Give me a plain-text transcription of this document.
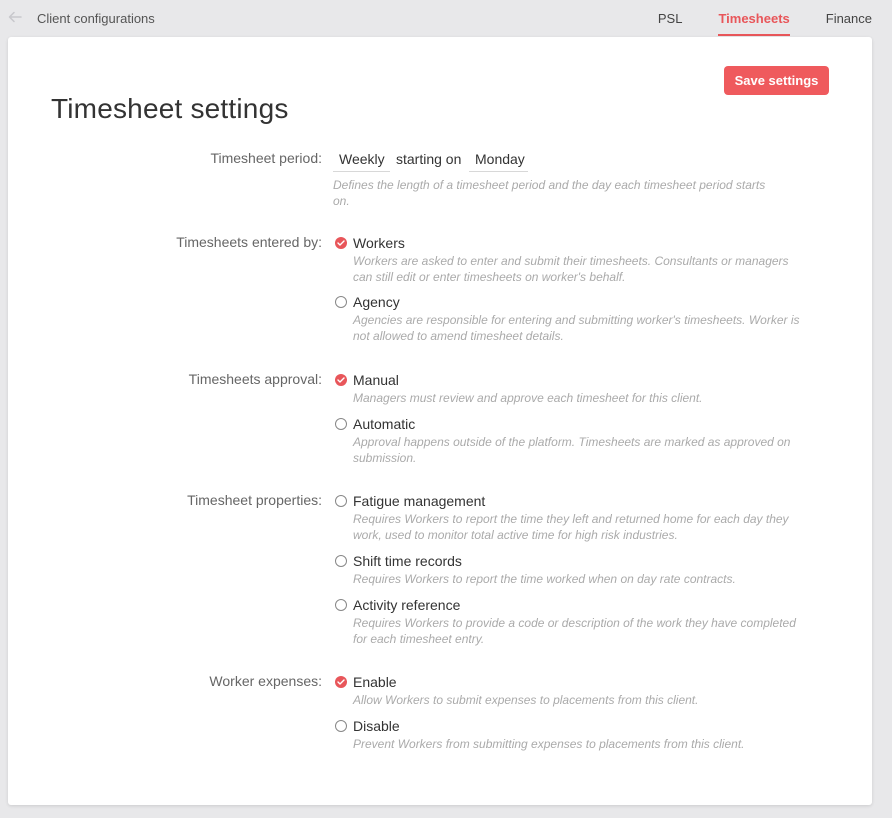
Client configurations	PSL	Timesheets	Finance
Save settings
Timesheet settings
Timesheet period:	Weekly starting on Monday
Defines the length of a timesheet period and the day each timesheet period starts on.
Timesheets entered by: Workers
Workers are asked to enter and submit their timesheets. Consultants or managers can still edit or enter timesheets on worker's behalf.
Agency
Agencies are responsible for entering and submitting worker's timesheets. Worker is not allowed to amend timesheet details.
Timesheets approval: Manual
Managers must review and approve each timesheet for this client.
Automatic
Approval happens outside of the platform. Timesheets are marked as approved on submission.
Timesheet properties: Fatigue management
Requires Workers to report the time they left and returned home for each day they work, used to monitor total active time for high risk industries.
Shift time records
Requires Workers to report the time worked when on day rate contracts.
Activity reference
Requires Workers to provide a code or description of the work they have completed for each timesheet entry.
Worker expenses: Enable
Allow Workers to submit expenses to placements from this client.
Disable
Prevent Workers from submitting expenses to placements from this client.
